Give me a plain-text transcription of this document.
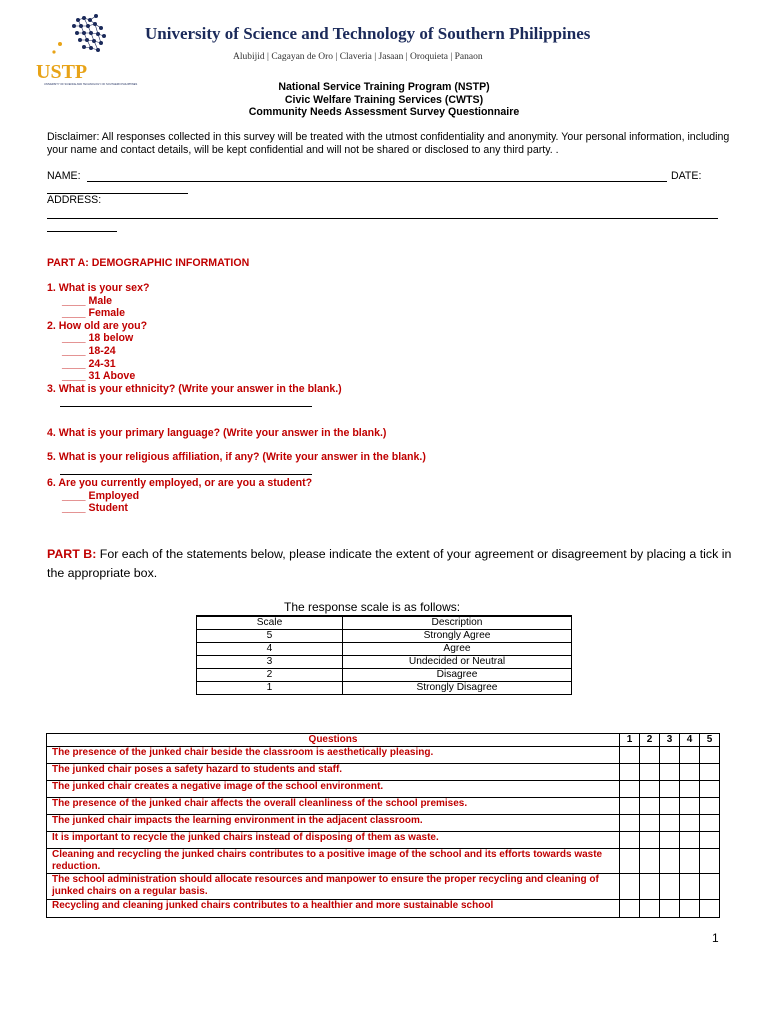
USTP
UNIVERSITY OF SCIENCE AND TECHNOLOGY OF SOUTHERN PHILIPPINES
University of Science and Technology of Southern Philippines
Alubijid | Cagayan de Oro | Claveria | Jasaan | Oroquieta | Panaon
National Service Training Program (NSTP)
Civic Welfare Training Services (CWTS)
Community Needs Assessment Survey Questionnaire
Disclaimer: All responses collected in this survey will be treated with the utmost confidentiality and anonymity. Your personal information, including your name and contact details, will be kept confidential and will not be shared or disclosed to any third party. .
NAME:	DATE:
ADDRESS:
PART A: DEMOGRAPHIC INFORMATION
1. What is your sex?
____ Male
____ Female
2. How old are you?
____ 18 below
____ 18-24
____ 24-31
____ 31 Above
3. What is your ethnicity? (Write your answer in the blank.)
4. What is your primary language? (Write your answer in the blank.)
5. What is your religious affiliation, if any? (Write your answer in the blank.)
6. Are you currently employed, or are you a student?
____ Employed
____ Student
PART B: For each of the statements below, please indicate the extent of your agreement or disagreement by placing a tick in the appropriate box.
The response scale is as follows:
Scale	Description
5	Strongly Agree
4	Agree
3	Undecided or Neutral
2	Disagree
1	Strongly Disagree
Questions	1	2	3	4	5
The presence of the junked chair beside the classroom is aesthetically pleasing.					
The junked chair poses a safety hazard to students and staff.					
The junked chair creates a negative image of the school environment.					
The presence of the junked chair affects the overall cleanliness of the school premises.					
The junked chair impacts the learning environment in the adjacent classroom.					
It is important to recycle the junked chairs instead of disposing of them as waste.					
Cleaning and recycling the junked chairs contributes to a positive image of the school and its efforts towards waste reduction.					
The school administration should allocate resources and manpower to ensure the proper recycling and cleaning of junked chairs on a regular basis.					
Recycling and cleaning junked chairs contributes to a healthier and more sustainable school					
1
